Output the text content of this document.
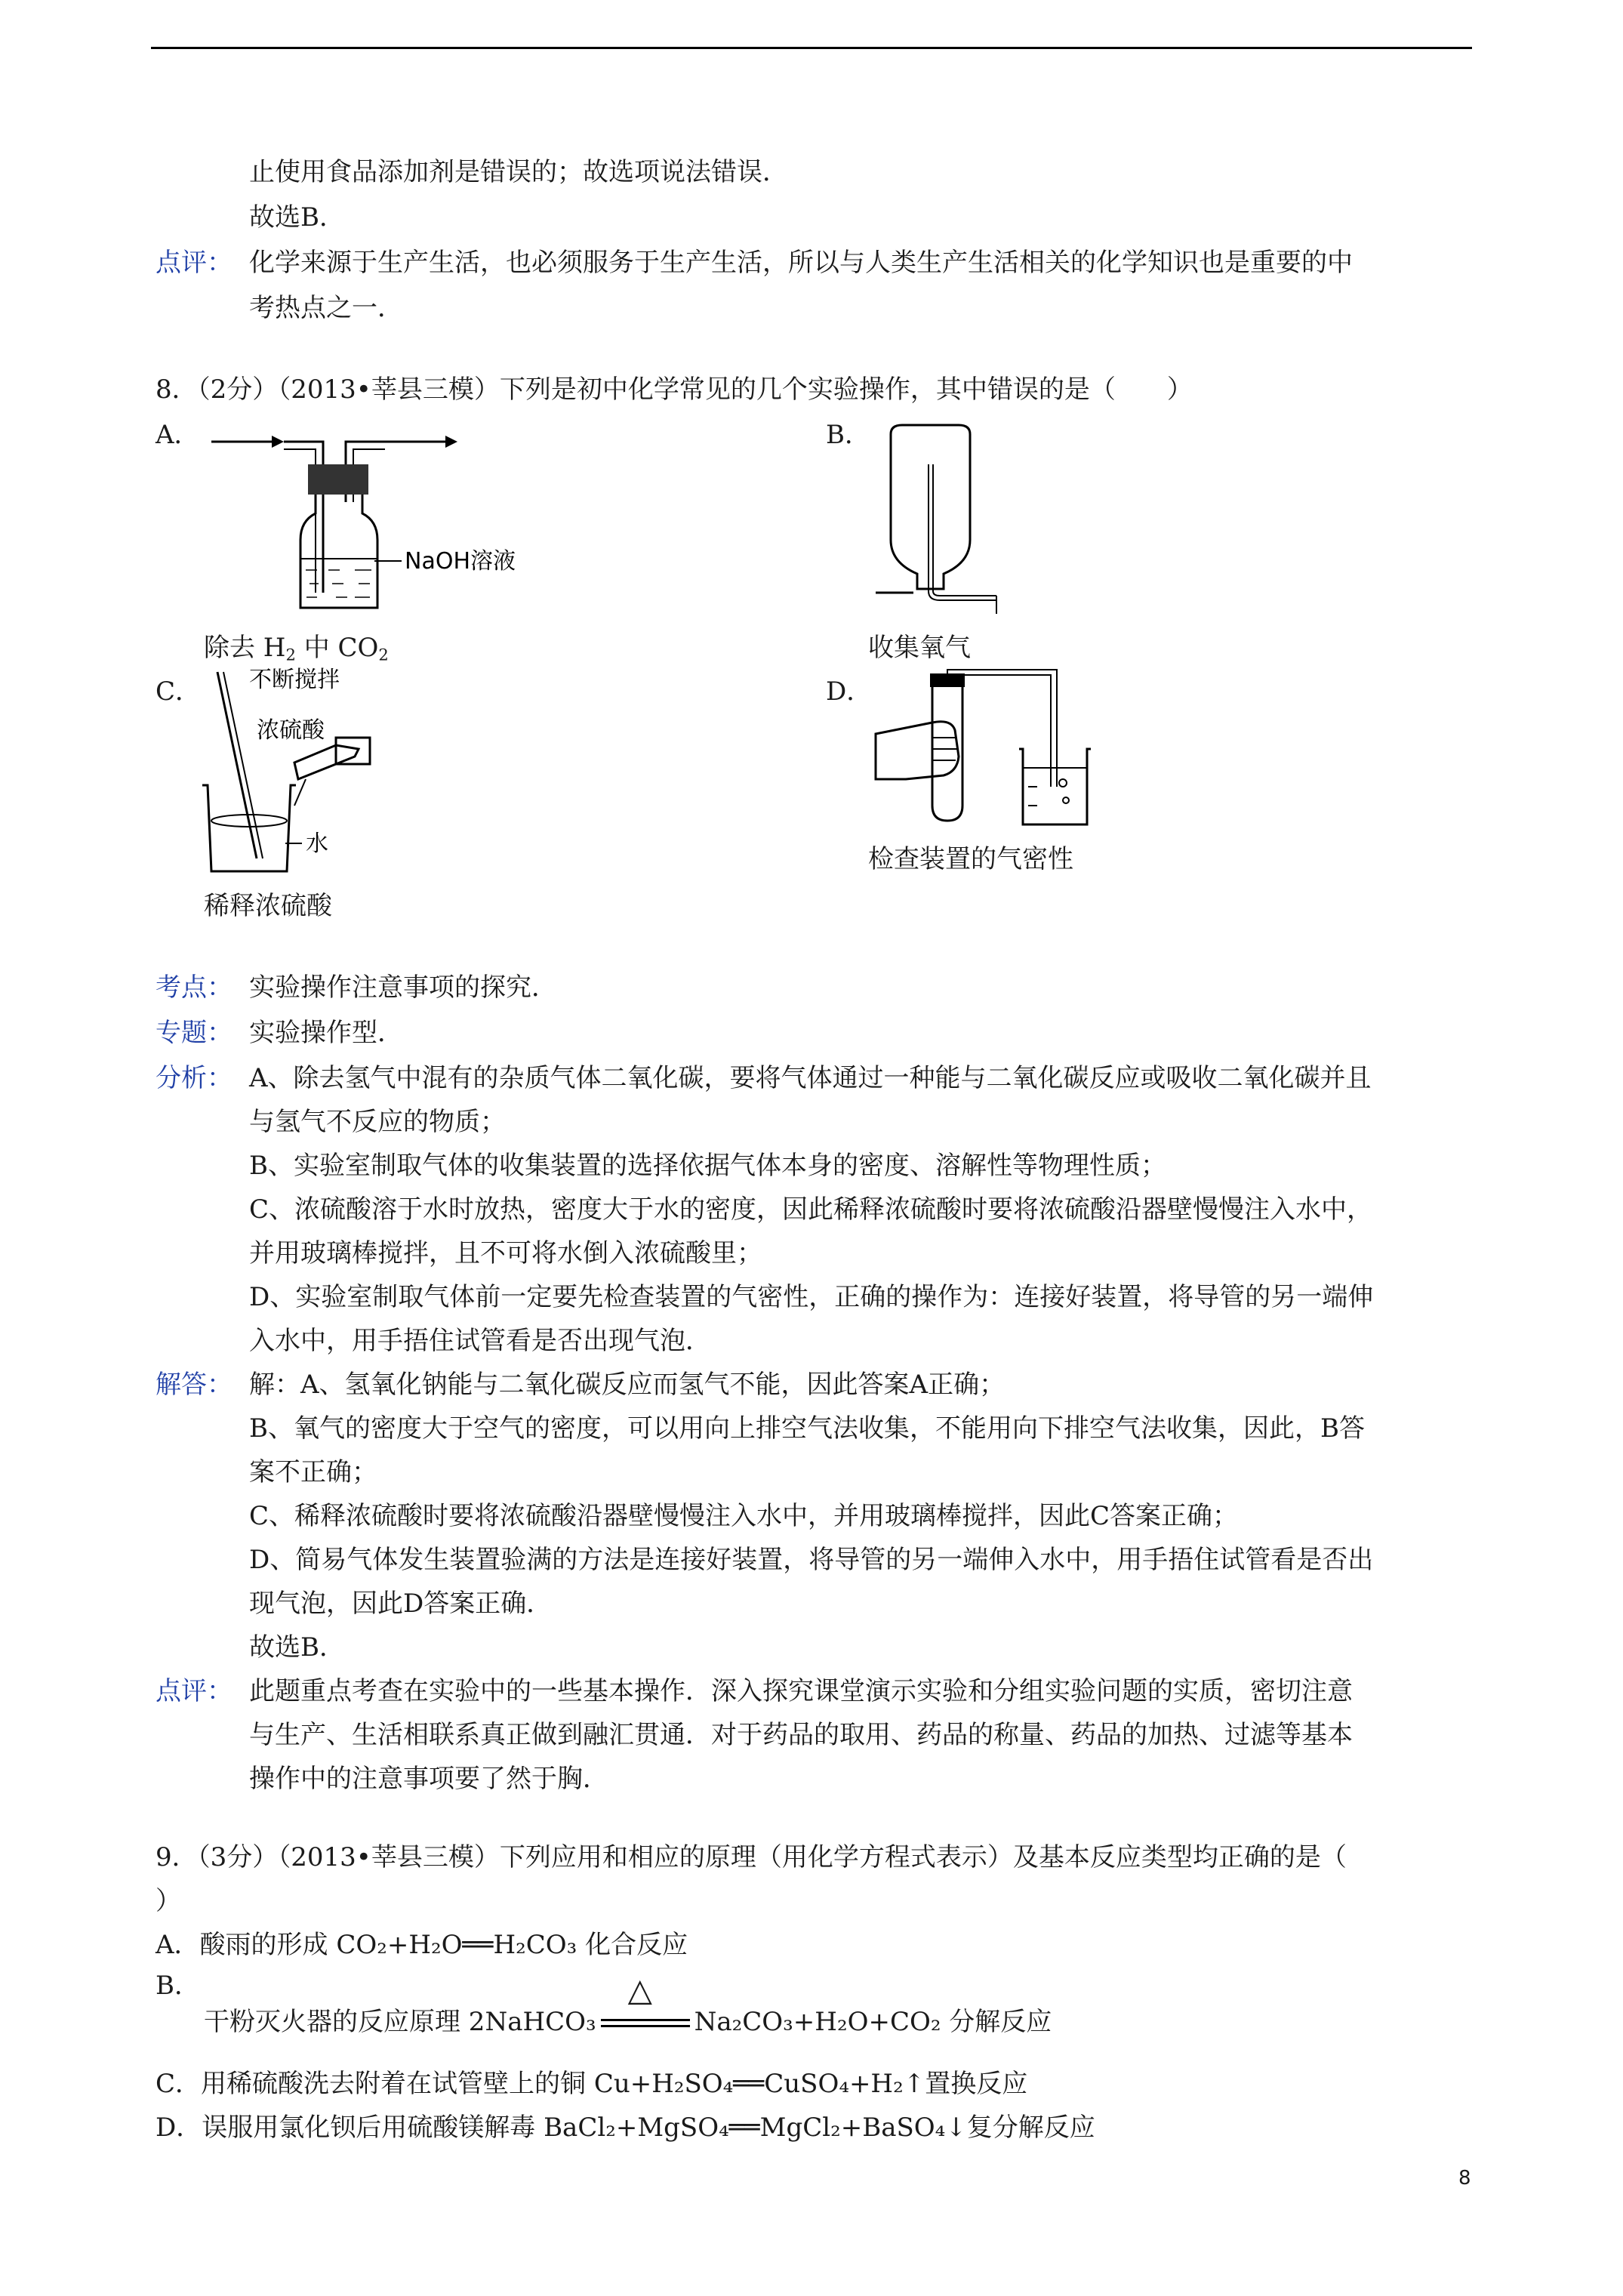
止使用食品添加剂是错误的；故选项说法错误．
故选B．
点评： 化学来源于生产生活，也必须服务于生产生活，所以与人类生产生活相关的化学知识也是重要的中
考热点之一．
8．（2分）（2013•莘县三模）下列是初中化学常见的几个实验操作，其中错误的是（　　）
A．
NaOH溶液
除去 $H_2$ 中 $CO_2$
B．
收集氧气
C． 不断搅拌
浓硫酸
水
稀释浓硫酸
D．
检查装置的气密性
考点： 实验操作注意事项的探究．
专题： 实验操作型．
分析： A、除去氢气中混有的杂质气体二氧化碳，要将气体通过一种能与二氧化碳反应或吸收二氧化碳并且
与氢气不反应的物质；
B、实验室制取气体的收集装置的选择依据气体本身的密度、溶解性等物理性质；
C、浓硫酸溶于水时放热，密度大于水的密度，因此稀释浓硫酸时要将浓硫酸沿器壁慢慢注入水中，
并用玻璃棒搅拌，且不可将水倒入浓硫酸里；
D、实验室制取气体前一定要先检查装置的气密性，正确的操作为：连接好装置，将导管的另一端伸
入水中，用手捂住试管看是否出现气泡．
解答： 解：A、氢氧化钠能与二氧化碳反应而氢气不能，因此答案A正确；
B、氧气的密度大于空气的密度，可以用向上排空气法收集，不能用向下排空气法收集，因此，B答
案不正确；
C、稀释浓硫酸时要将浓硫酸沿器壁慢慢注入水中，并用玻璃棒搅拌，因此C答案正确；
D、简易气体发生装置验满的方法是连接好装置，将导管的另一端伸入水中，用手捂住试管看是否出
现气泡，因此D答案正确．
故选B．
点评： 此题重点考查在实验中的一些基本操作．深入探究课堂演示实验和分组实验问题的实质，密切注意
与生产、生活相联系真正做到融汇贯通．对于药品的取用、药品的称量、药品的加热、过滤等基本
操作中的注意事项要了然于胸．
9．（3分）（2013•莘县三模）下列应用和相应的原理（用化学方程式表示）及基本反应类型均正确的是（
）
A．酸雨的形成 CO₂+H₂O══H₂CO₃ 化合反应
B．
干粉灭火器的反应原理 2NaHCO₃
△
Na₂CO₃+H₂O+CO₂ 分解反应
C．用稀硫酸洗去附着在试管壁上的铜 Cu+H₂SO₄══CuSO₄+H₂↑置换反应
D．误服用氯化钡后用硫酸镁解毒 BaCl₂+MgSO₄══MgCl₂+BaSO₄↓复分解反应
8
